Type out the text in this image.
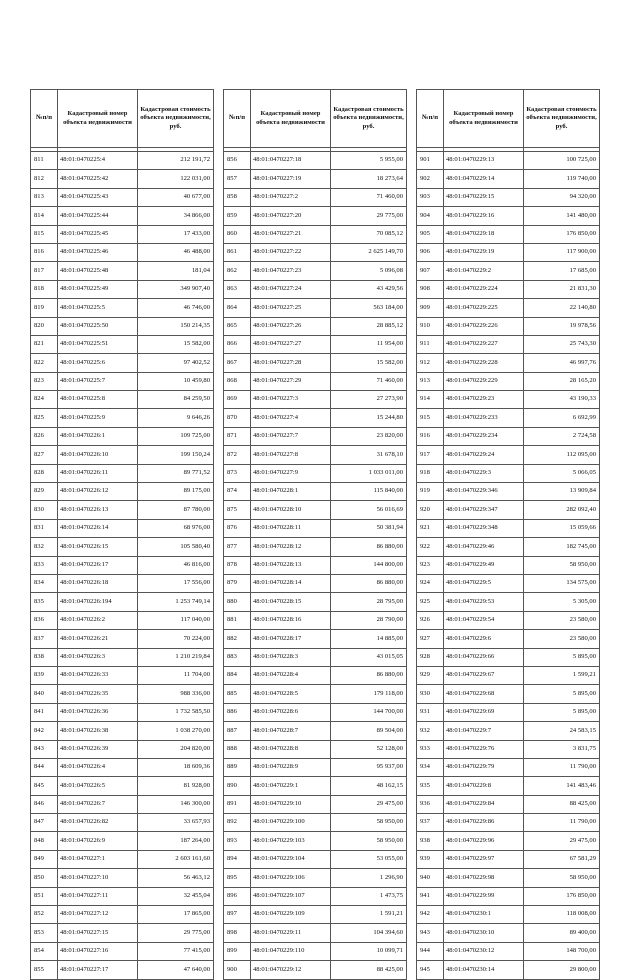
№п/п	Кадастровый номер объекта недвижимости	Кадастровая стоимость объекта недвижимости, руб.

811	48:01:0470225:4	212 191,72
812	48:01:0470225:42	122 031,00
813	48:01:0470225:43	40 677,00
814	48:01:0470225:44	34 866,00
815	48:01:0470225:45	17 433,00
816	48:01:0470225:46	46 488,00
817	48:01:0470225:48	181,04
818	48:01:0470225:49	349 907,40
819	48:01:0470225:5	46 746,00
820	48:01:0470225:50	150 214,35
821	48:01:0470225:51	15 582,00
822	48:01:0470225:6	97 402,52
823	48:01:0470225:7	10 459,80
824	48:01:0470225:8	84 259,50
825	48:01:0470225:9	9 646,26
826	48:01:0470226:1	109 725,00
827	48:01:0470226:10	199 150,24
828	48:01:0470226:11	89 771,52
829	48:01:0470226:12	89 175,00
830	48:01:0470226:13	87 780,00
831	48:01:0470226:14	68 976,00
832	48:01:0470226:15	105 580,40
833	48:01:0470226:17	46 816,00
834	48:01:0470226:18	17 556,00
835	48:01:0470226:194	1 253 749,14
836	48:01:0470226:2	117 040,00
837	48:01:0470226:21	70 224,00
838	48:01:0470226:3	1 210 219,84
839	48:01:0470226:33	11 704,00
840	48:01:0470226:35	988 336,00
841	48:01:0470226:36	1 732 585,50
842	48:01:0470226:38	1 038 270,00
843	48:01:0470226:39	204 820,00
844	48:01:0470226:4	18 609,36
845	48:01:0470226:5	81 928,00
846	48:01:0470226:7	146 300,00
847	48:01:0470226:82	33 657,93
848	48:01:0470226:9	187 264,00
849	48:01:0470227:1	2 603 161,60
850	48:01:0470227:10	56 463,12
851	48:01:0470227:11	32 455,04
852	48:01:0470227:12	17 865,00
853	48:01:0470227:15	29 775,00
854	48:01:0470227:16	77 415,00
855	48:01:0470227:17	47 640,00
№п/п	Кадастровый номер объекта недвижимости	Кадастровая стоимость объекта недвижимости, руб.

856	48:01:0470227:18	5 955,00
857	48:01:0470227:19	18 273,64
858	48:01:0470227:2	71 460,00
859	48:01:0470227:20	29 775,00
860	48:01:0470227:21	70 085,12
861	48:01:0470227:22	2 625 149,70
862	48:01:0470227:23	5 096,08
863	48:01:0470227:24	43 429,56
864	48:01:0470227:25	563 184,00
865	48:01:0470227:26	28 885,12
866	48:01:0470227:27	11 954,00
867	48:01:0470227:28	15 582,00
868	48:01:0470227:29	71 460,00
869	48:01:0470227:3	27 273,90
870	48:01:0470227:4	15 244,80
871	48:01:0470227:7	23 820,00
872	48:01:0470227:8	31 678,10
873	48:01:0470227:9	1 033 011,00
874	48:01:0470228:1	115 840,00
875	48:01:0470228:10	56 016,69
876	48:01:0470228:11	50 381,94
877	48:01:0470228:12	86 880,00
878	48:01:0470228:13	144 800,00
879	48:01:0470228:14	86 880,00
880	48:01:0470228:15	28 795,00
881	48:01:0470228:16	28 790,00
882	48:01:0470228:17	14 885,00
883	48:01:0470228:3	43 015,05
884	48:01:0470228:4	86 880,00
885	48:01:0470228:5	179 118,00
886	48:01:0470228:6	144 700,00
887	48:01:0470228:7	89 504,00
888	48:01:0470228:8	52 128,00
889	48:01:0470228:9	95 937,00
890	48:01:0470229:1	48 162,15
891	48:01:0470229:10	29 475,00
892	48:01:0470229:100	58 950,00
893	48:01:0470229:103	58 950,00
894	48:01:0470229:104	53 055,00
895	48:01:0470229:106	1 296,90
896	48:01:0470229:107	1 473,75
897	48:01:0470229:109	1 591,21
898	48:01:0470229:11	104 394,60
899	48:01:0470229:110	10 099,71
900	48:01:0470229:12	88 425,00
№п/п	Кадастровый номер объекта недвижимости	Кадастровая стоимость объекта недвижимости, руб.

901	48:01:0470229:13	100 725,00
902	48:01:0470229:14	119 740,00
903	48:01:0470229:15	94 320,00
904	48:01:0470229:16	141 480,00
905	48:01:0470229:18	176 850,00
906	48:01:0470229:19	117 900,00
907	48:01:0470229:2	17 685,00
908	48:01:0470229:224	21 831,30
909	48:01:0470229:225	22 140,80
910	48:01:0470229:226	19 978,56
911	48:01:0470229:227	25 743,30
912	48:01:0470229:228	46 997,76
913	48:01:0470229:229	28 165,20
914	48:01:0470229:23	43 190,33
915	48:01:0470229:233	6 692,99
916	48:01:0470229:234	2 724,58
917	48:01:0470229:24	112 095,00
918	48:01:0470229:3	5 066,05
919	48:01:0470229:346	13 909,84
920	48:01:0470229:347	282 092,40
921	48:01:0470229:348	15 059,66
922	48:01:0470229:46	182 745,00
923	48:01:0470229:49	58 950,00
924	48:01:0470229:5	134 575,00
925	48:01:0470229:53	5 305,00
926	48:01:0470229:54	23 580,00
927	48:01:0470229:6	23 580,00
928	48:01:0470229:66	5 895,00
929	48:01:0470229:67	1 599,21
930	48:01:0470229:68	5 895,00
931	48:01:0470229:69	5 895,00
932	48:01:0470229:7	24 583,15
933	48:01:0470229:76	3 831,75
934	48:01:0470229:79	11 790,00
935	48:01:0470229:8	141 483,46
936	48:01:0470229:84	88 425,00
937	48:01:0470229:86	11 790,00
938	48:01:0470229:96	29 475,00
939	48:01:0470229:97	67 581,29
940	48:01:0470229:98	58 950,00
941	48:01:0470229:99	176 850,00
942	48:01:0470230:1	118 008,00
943	48:01:0470230:10	89 400,00
944	48:01:0470230:12	148 700,00
945	48:01:0470230:14	29 800,00
